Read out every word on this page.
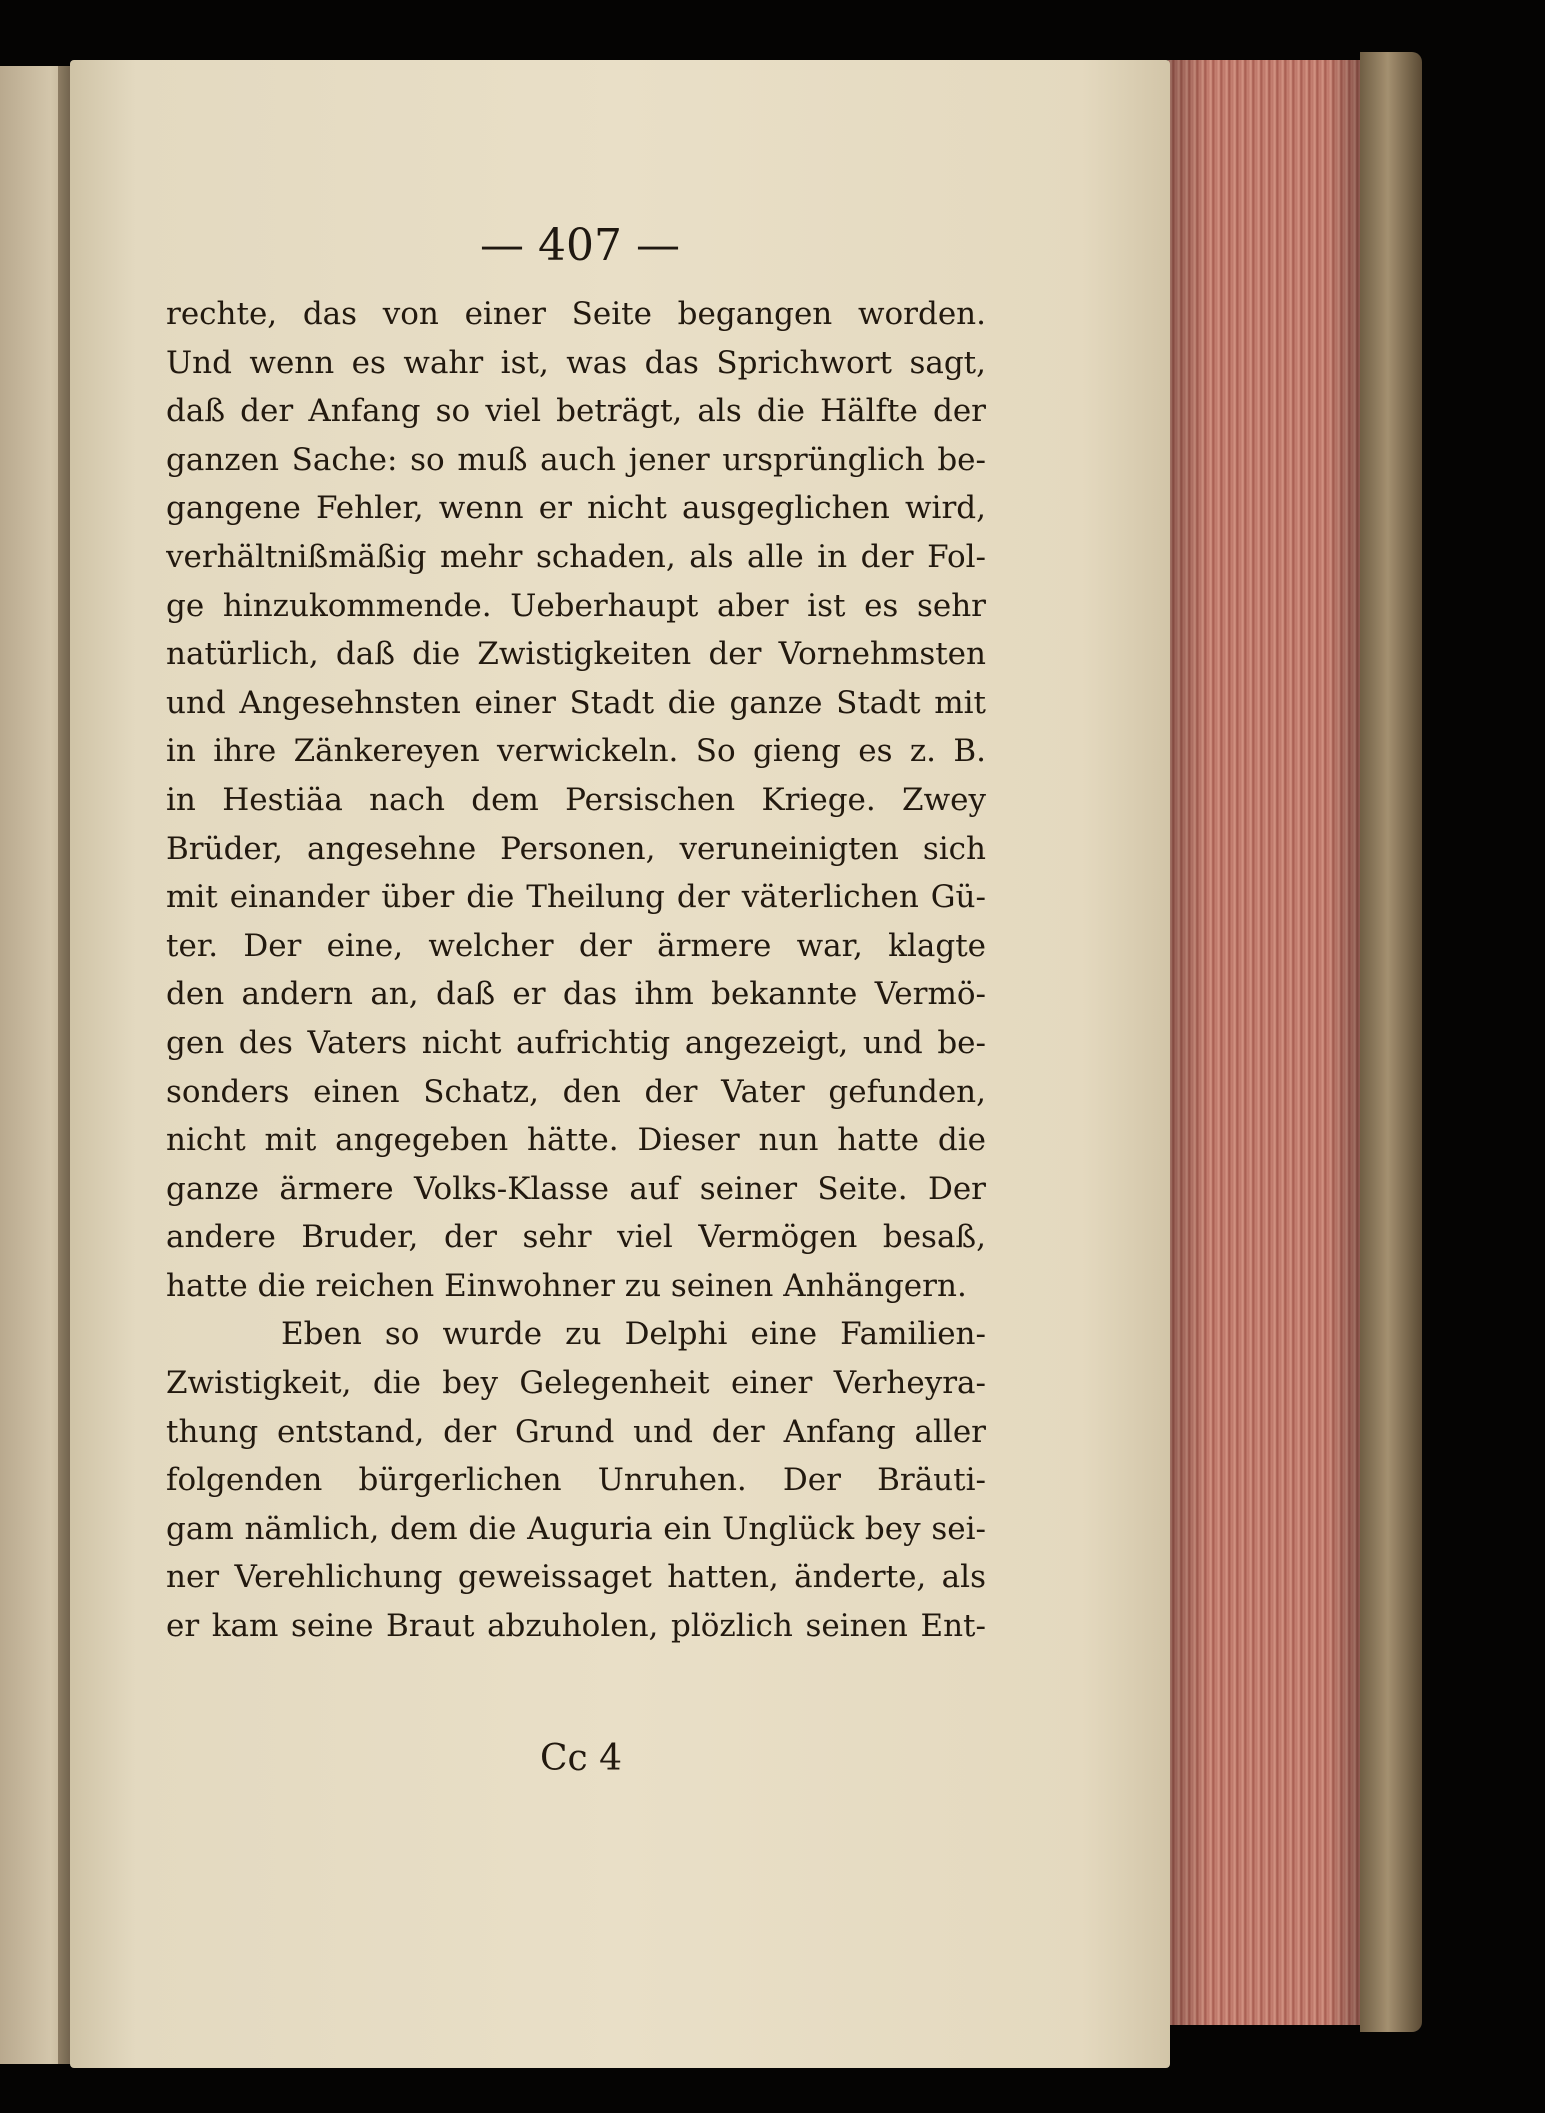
— 407 —
rechte, das von einer Seite begangen worden.
Und wenn es wahr ist, was das Sprichwort sagt,
daß der Anfang so viel beträgt, als die Hälfte der
ganzen Sache: so muß auch jener ursprünglich be-
gangene Fehler, wenn er nicht ausgeglichen wird,
verhältnißmäßig mehr schaden, als alle in der Fol-
ge hinzukommende. Ueberhaupt aber ist es sehr
natürlich, daß die Zwistigkeiten der Vornehmsten
und Angesehnsten einer Stadt die ganze Stadt mit
in ihre Zänkereyen verwickeln. So gieng es z. B.
in Hestiäa nach dem Persischen Kriege. Zwey
Brüder, angesehne Personen, veruneinigten sich
mit einander über die Theilung der väterlichen Gü-
ter. Der eine, welcher der ärmere war, klagte
den andern an, daß er das ihm bekannte Vermö-
gen des Vaters nicht aufrichtig angezeigt, und be-
sonders einen Schatz, den der Vater gefunden,
nicht mit angegeben hätte. Dieser nun hatte die
ganze ärmere Volks-Klasse auf seiner Seite. Der
andere Bruder, der sehr viel Vermögen besaß,
hatte die reichen Einwohner zu seinen Anhängern.
Eben so wurde zu Delphi eine Familien-
Zwistigkeit, die bey Gelegenheit einer Verheyra-
thung entstand, der Grund und der Anfang aller
folgenden bürgerlichen Unruhen. Der Bräuti-
gam nämlich, dem die Auguria ein Unglück bey sei-
ner Verehlichung geweissaget hatten, änderte, als
er kam seine Braut abzuholen, plözlich seinen Ent-
Cc 4
